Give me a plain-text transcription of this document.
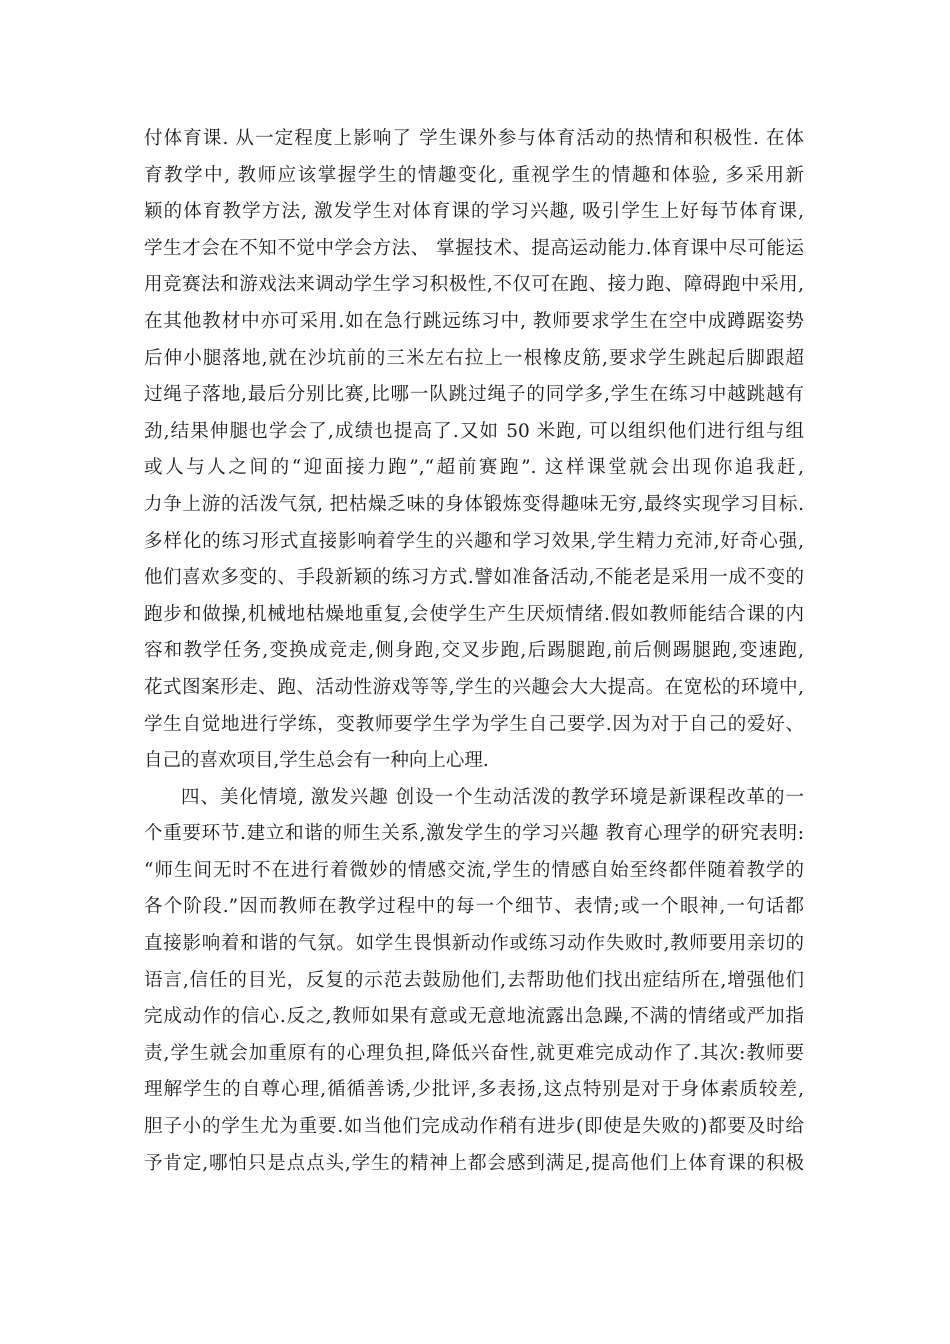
付体育课. 从一定程度上影响了 学生课外参与体育活动的热情和积极性. 在体
育教学中, 教师应该掌握学生的情趣变化, 重视学生的情趣和体验, 多采用新
颖的体育教学方法, 激发学生对体育课的学习兴趣, 吸引学生上好每节体育课,
学生才会在不知不觉中学会方法、 掌握技术、提高运动能力.体育课中尽可能运
用竞赛法和游戏法来调动学生学习积极性,不仅可在跑、接力跑、障碍跑中采用,
在其他教材中亦可采用.如在急行跳远练习中, 教师要求学生在空中成蹲踞姿势
后伸小腿落地,就在沙坑前的三米左右拉上一根橡皮筋,要求学生跳起后脚跟超
过绳子落地,最后分别比赛,比哪一队跳过绳子的同学多,学生在练习中越跳越有
劲,结果伸腿也学会了,成绩也提高了.又如 50 米跑, 可以组织他们进行组与组
或人与人之间的“迎面接力跑”,“超前赛跑”. 这样课堂就会出现你追我赶,
力争上游的活泼气氛, 把枯燥乏味的身体锻炼变得趣味无穷,最终实现学习目标.
多样化的练习形式直接影响着学生的兴趣和学习效果,学生精力充沛,好奇心强,
他们喜欢多变的、手段新颖的练习方式.譬如准备活动,不能老是采用一成不变的
跑步和做操,机械地枯燥地重复,会使学生产生厌烦情绪.假如教师能结合课的内
容和教学任务,变换成竞走,侧身跑,交叉步跑,后踢腿跑,前后侧踢腿跑,变速跑,
花式图案形走、跑、活动性游戏等等,学生的兴趣会大大提高。在宽松的环境中,
学生自觉地进行学练，变教师要学生学为学生自己要学.因为对于自己的爱好、
自己的喜欢项目,学生总会有一种向上心理.
四、美化情境, 激发兴趣 创设一个生动活泼的教学环境是新课程改革的一
个重要环节.建立和谐的师生关系,激发学生的学习兴趣 教育心理学的研究表明:
“师生间无时不在进行着微妙的情感交流,学生的情感自始至终都伴随着教学的
各个阶段.”因而教师在教学过程中的每一个细节、表情;或一个眼神,一句话都
直接影响着和谐的气氛。如学生畏惧新动作或练习动作失败时,教师要用亲切的
语言,信任的目光，反复的示范去鼓励他们,去帮助他们找出症结所在,增强他们
完成动作的信心.反之,教师如果有意或无意地流露出急躁,不满的情绪或严加指
责,学生就会加重原有的心理负担,降低兴奋性,就更难完成动作了.其次:教师要
理解学生的自尊心理,循循善诱,少批评,多表扬,这点特别是对于身体素质较差,
胆子小的学生尤为重要.如当他们完成动作稍有进步(即使是失败的)都要及时给
予肯定,哪怕只是点点头,学生的精神上都会感到满足,提高他们上体育课的积极
